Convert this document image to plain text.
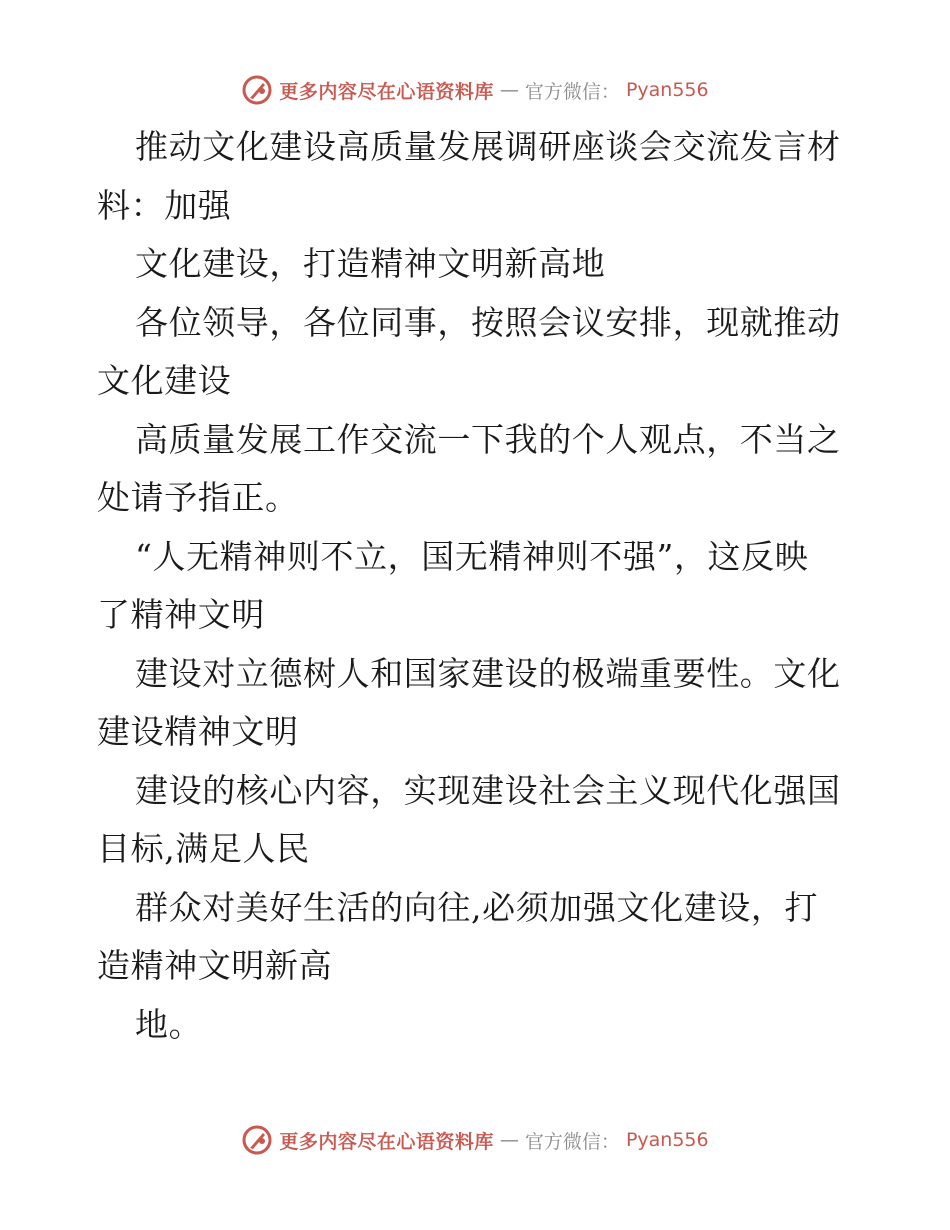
更多内容尽在心语资料库 — 官方微信： Pyan556
推动文化建设高质量发展调研座谈会交流发言材
料：加强
文化建设，打造精神文明新高地
各位领导，各位同事，按照会议安排，现就推动
文化建设
高质量发展工作交流一下我的个人观点，不当之
处请予指正。
“人无精神则不立，国无精神则不强”，这反映
了精神文明
建设对立德树人和国家建设的极端重要性。文化
建设精神文明
建设的核心内容，实现建设社会主义现代化强国
目标,满足人民
群众对美好生活的向往,必须加强文化建设，打
造精神文明新高
地。
更多内容尽在心语资料库 — 官方微信： Pyan556
